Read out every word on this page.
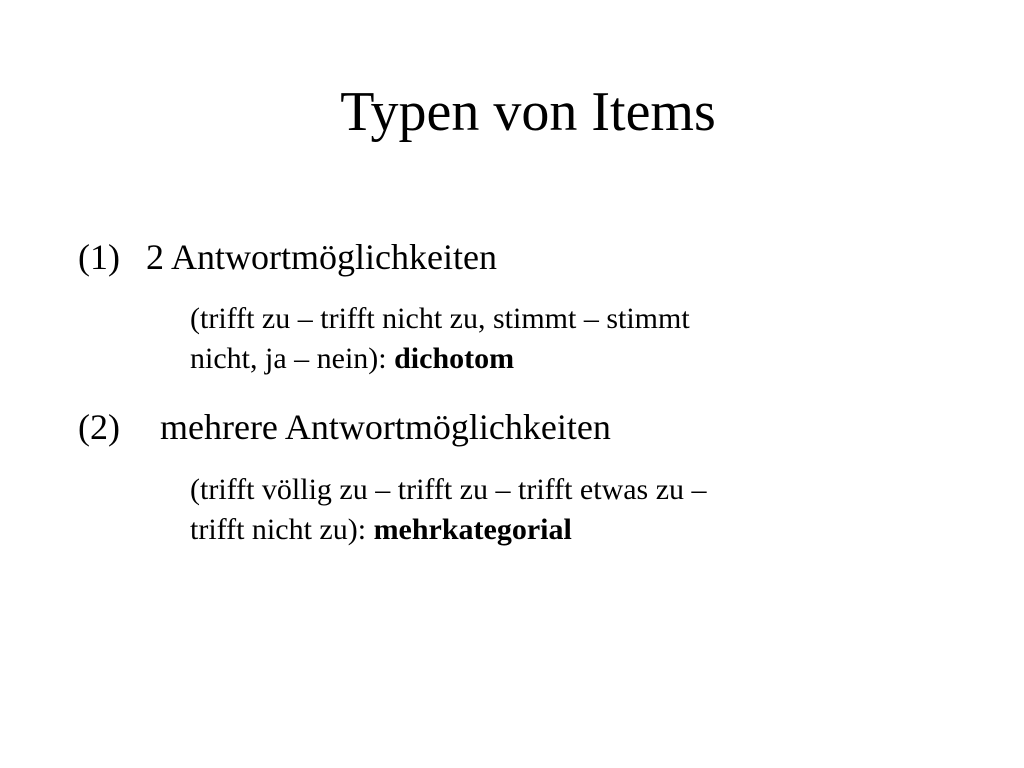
Typen von Items
(1) 2 Antwortmöglichkeiten
(trifft zu – trifft nicht zu, stimmt – stimmt
nicht, ja – nein): dichotom
(2) mehrere Antwortmöglichkeiten
(trifft völlig zu – trifft zu – trifft etwas zu –
trifft nicht zu): mehrkategorial
